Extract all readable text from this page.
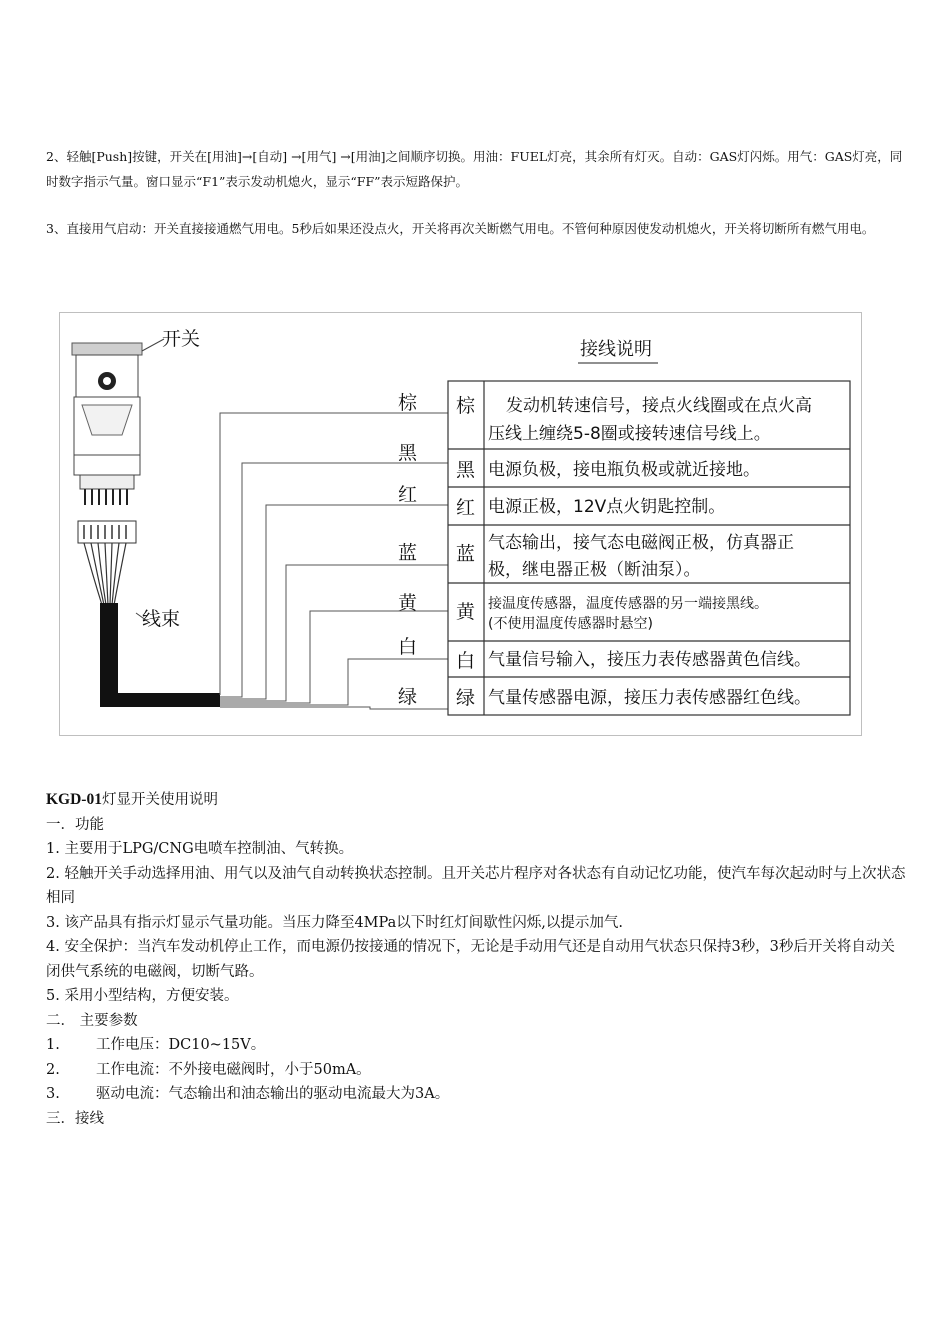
2、轻触[Push]按键，开关在[用油]→[自动] →[用气] →[用油]之间顺序切换。用油：FUEL灯亮，其余所有灯灭。自动：GAS灯闪烁。用气：GAS灯亮，同时数字指示气量。窗口显示“F1”表示发动机熄火，显示“FF”表示短路保护。
3、直接用气启动：开关直接接通燃气用电。5秒后如果还没点火，开关将再次关断燃气用电。不管何种原因使发动机熄火，开关将切断所有燃气用电。
开关
线束
棕
黑
红
蓝
黄
白
绿
接线说明
棕 发动机转速信号，接点火线圈或在点火高
压线上缠绕5-8圈或接转速信号线上。
黑 电源负极，接电瓶负极或就近接地。
红 电源正极，12V点火钥匙控制。
蓝 气态输出，接气态电磁阀正极，仿真器正
极，继电器正极（断油泵）。
黄 接温度传感器，温度传感器的另一端接黑线。
(不使用温度传感器时悬空)
白 气量信号输入，接压力表传感器黄色信线。
绿 气量传感器电源，接压力表传感器红色线。
KGD-01灯显开关使用说明
一．功能
1. 主要用于LPG/CNG电喷车控制油、气转换。
2. 轻触开关手动选择用油、用气以及油气自动转换状态控制。且开关芯片程序对各状态有自动记忆功能，使汽车每次起动时与上次状态相同
3. 该产品具有指示灯显示气量功能。当压力降至4MPa以下时红灯间歇性闪烁,以提示加气.
4. 安全保护：当汽车发动机停止工作，而电源仍按接通的情况下，无论是手动用气还是自动用气状态只保持3秒，3秒后开关将自动关闭供气系统的电磁阀，切断气路。
5. 采用小型结构，方便安装。
二． 主要参数
1. 工作电压：DC10~15V。
2. 工作电流：不外接电磁阀时，小于50mA。
3. 驱动电流：气态输出和油态输出的驱动电流最大为3A。
三．接线
